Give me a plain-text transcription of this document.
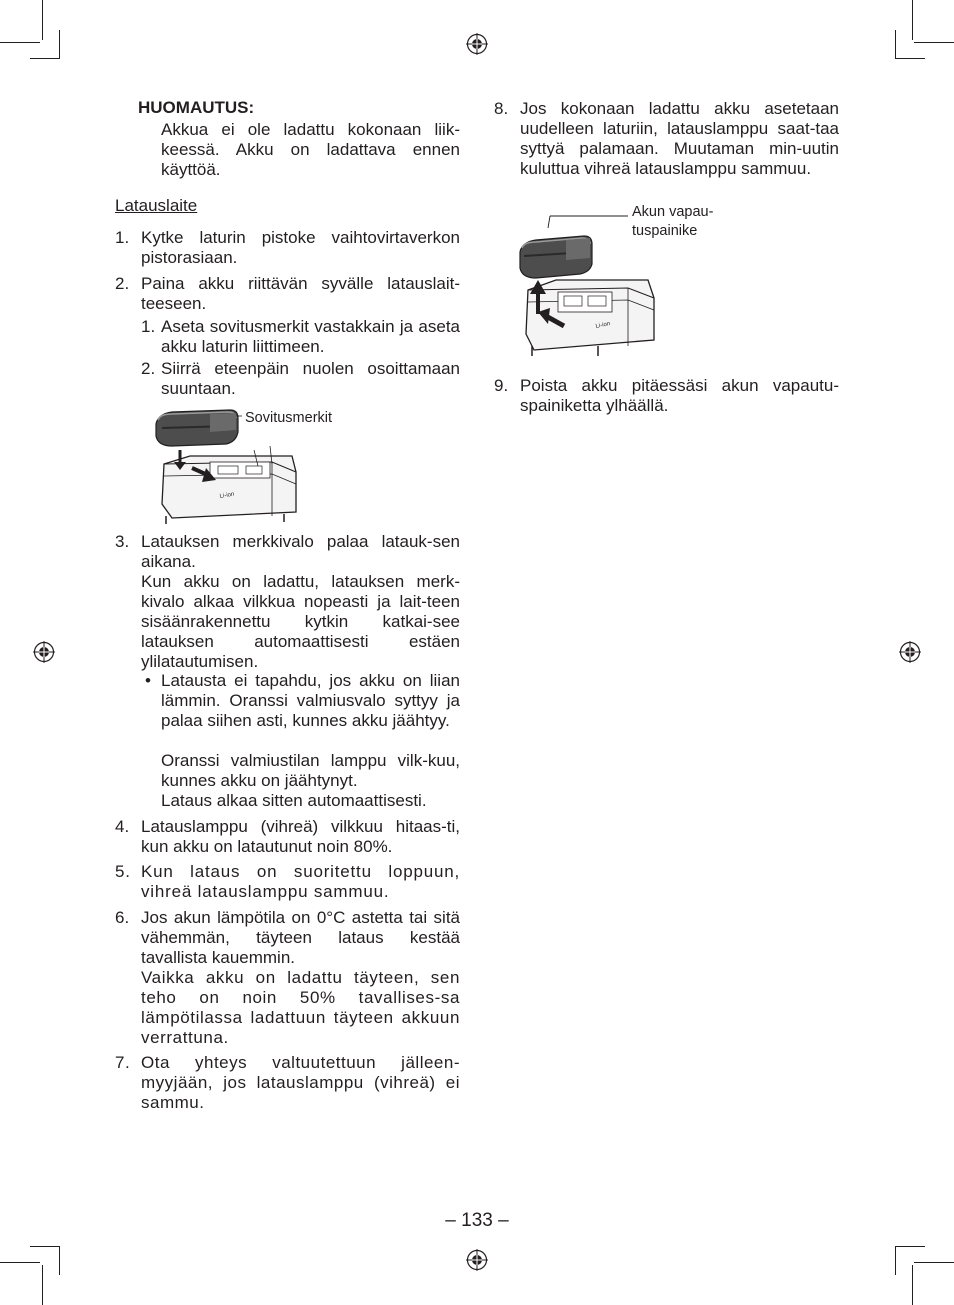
HUOMAUTUS:
Akkua ei ole ladattu kokonaan liik-keessä. Akku on ladattava ennen käyttöä.
Latauslaite
1. Kytke laturin pistoke vaihtovirtaverkon pistorasiaan.
2. Paina akku riittävän syvälle latauslait-teeseen.
1. Aseta sovitusmerkit vastakkain ja aseta akku laturin liittimeen.
2. Siirrä eteenpäin nuolen osoittamaan suuntaan.
Li-ion
Sovitusmerkit
3. Latauksen merkkivalo palaa latauk-sen aikana.
Kun akku on ladattu, latauksen merk-kivalo alkaa vilkkua nopeasti ja lait-teen sisäänrakennettu kytkin katkai-see latauksen automaattisesti estäen ylilatautumisen.
• Latausta ei tapahdu, jos akku on liian lämmin. Oranssi valmiusvalo syttyy ja palaa siihen asti, kunnes akku jäähtyy.
Oranssi valmiustilan lamppu vilk-kuu, kunnes akku on jäähtynyt.
Lataus alkaa sitten automaattisesti.
4. Latauslamppu (vihreä) vilkkuu hitaas-ti, kun akku on latautunut noin 80%.
5. Kun lataus on suoritettu loppuun, vihreä latauslamppu sammuu.
6. Jos akun lämpötila on 0°C astetta tai sitä vähemmän, täyteen lataus kestää tavallista kauemmin.
Vaikka akku on ladattu täyteen, sen teho on noin 50% tavallises-sa lämpötilassa ladattuun täyteen akkuun verrattuna.
7. Ota yhteys valtuutettuun jälleen-myyjään, jos latauslamppu (vihreä) ei sammu.
8. Jos kokonaan ladattu akku asetetaan uudelleen laturiin, latauslamppu saat-taa syttyä palamaan. Muutaman min-uutin kuluttua vihreä latauslamppu sammuu.
Li-ion
Akun vapau-
tuspainike
9. Poista akku pitäessäsi akun vapautu-spainiketta ylhäällä.
– 133 –
